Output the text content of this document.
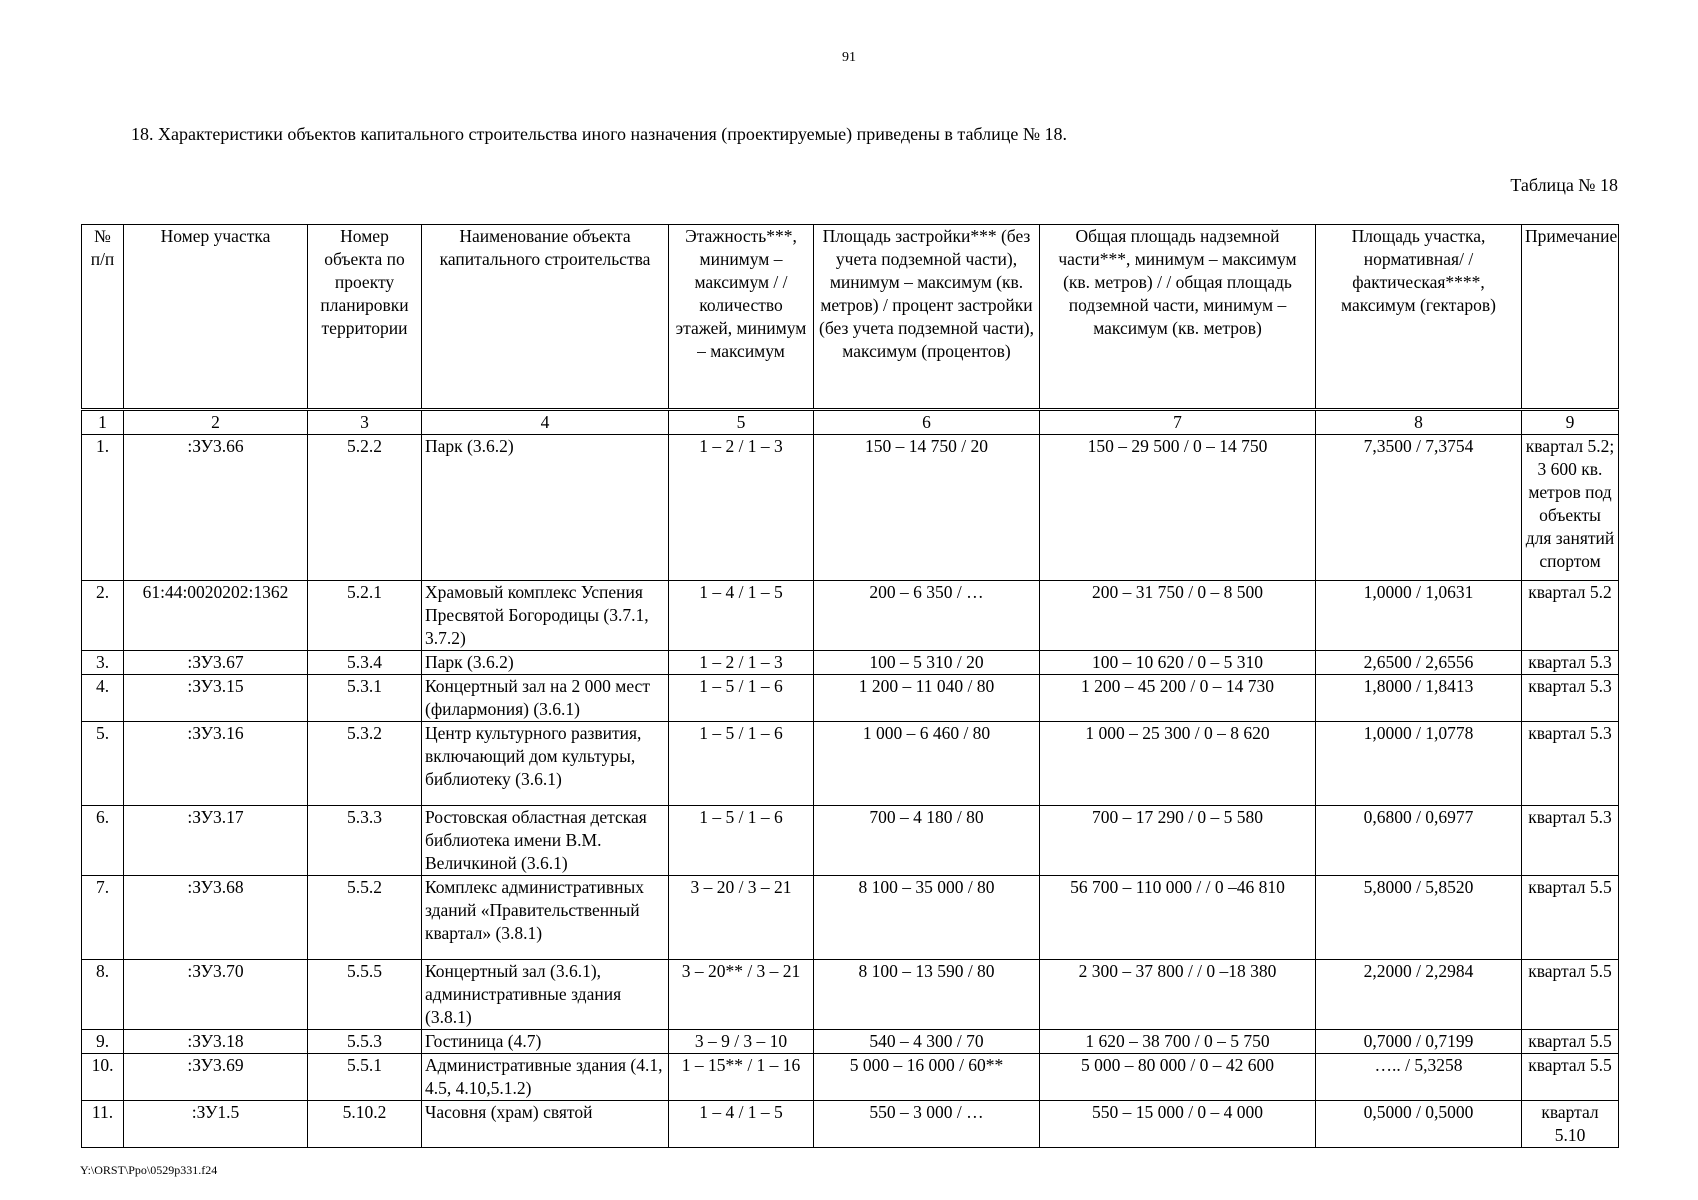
91
18. Характеристики объектов капитального строительства иного назначения (проектируемые) приведены в таблице № 18.
Таблица № 18
№ п/п	Номер участка	Номер объекта по проекту планировки территории	Наименование объекта капитального строительства	Этажность***, минимум – максимум / / количество этажей, минимум – максимум	Площадь застройки*** (без учета подземной части), минимум – максимум (кв. метров) / процент застройки (без учета подземной части), максимум (процентов)	Общая площадь надземной части***, минимум – максимум (кв. метров) / / общая площадь подземной части, минимум – максимум (кв. метров)	Площадь участка, нормативная/ / фактическая****, максимум (гектаров)	Примечание
1	2	3	4	5	6	7	8	9
1.	:ЗУ3.66	5.2.2	Парк (3.6.2)	1 – 2 / 1 – 3	150 – 14 750 / 20	150 – 29 500 / 0 – 14 750	7,3500 / 7,3754	квартал 5.2; 3 600 кв. метров под объекты для занятий спортом
2.	61:44:0020202:1362	5.2.1	Храмовый комплекс Успения Пресвятой Богородицы (3.7.1, 3.7.2)	1 – 4 / 1 – 5	200 – 6 350 / …	200 – 31 750 / 0 – 8 500	1,0000 / 1,0631	квартал 5.2
3.	:ЗУ3.67	5.3.4	Парк (3.6.2)	1 – 2 / 1 – 3	100 – 5 310 / 20	100 – 10 620 / 0 – 5 310	2,6500 / 2,6556	квартал 5.3
4.	:ЗУ3.15	5.3.1	Концертный зал на 2 000 мест (филармония) (3.6.1)	1 – 5 / 1 – 6	1 200 – 11 040 / 80	1 200 – 45 200 / 0 – 14 730	1,8000 / 1,8413	квартал 5.3
5.	:ЗУ3.16	5.3.2	Центр культурного развития, включающий дом культуры, библиотеку (3.6.1)	1 – 5 / 1 – 6	1 000 – 6 460 / 80	1 000 – 25 300 / 0 – 8 620	1,0000 / 1,0778	квартал 5.3
6.	:ЗУ3.17	5.3.3	Ростовская областная детская библиотека имени В.М. Величкиной (3.6.1)	1 – 5 / 1 – 6	700 – 4 180 / 80	700 – 17 290 / 0 – 5 580	0,6800 / 0,6977	квартал 5.3
7.	:ЗУ3.68	5.5.2	Комплекс административных зданий «Правительственный квартал» (3.8.1)	3 – 20 / 3 – 21	8 100 – 35 000 / 80	56 700 – 110 000 / / 0 –46 810	5,8000 / 5,8520	квартал 5.5
8.	:ЗУ3.70	5.5.5	Концертный зал (3.6.1), административные здания (3.8.1)	3 – 20** / 3 – 21	8 100 – 13 590 / 80	2 300 – 37 800 / / 0 –18 380	2,2000 / 2,2984	квартал 5.5
9.	:ЗУ3.18	5.5.3	Гостиница (4.7)	3 – 9 / 3 – 10	540 – 4 300 / 70	1 620 – 38 700 / 0 – 5 750	0,7000 / 0,7199	квартал 5.5
10.	:ЗУ3.69	5.5.1	Административные здания (4.1, 4.5, 4.10,5.1.2)	1 – 15** / 1 – 16	5 000 – 16 000 / 60**	5 000 – 80 000 / 0 – 42 600	….. / 5,3258	квартал 5.5
11.	:ЗУ1.5	5.10.2	Часовня (храм) святой	1 – 4 / 1 – 5	550 – 3 000 / …	550 – 15 000 / 0 – 4 000	0,5000 / 0,5000	квартал 5.10
Y:\ORST\Ppo\0529p331.f24
